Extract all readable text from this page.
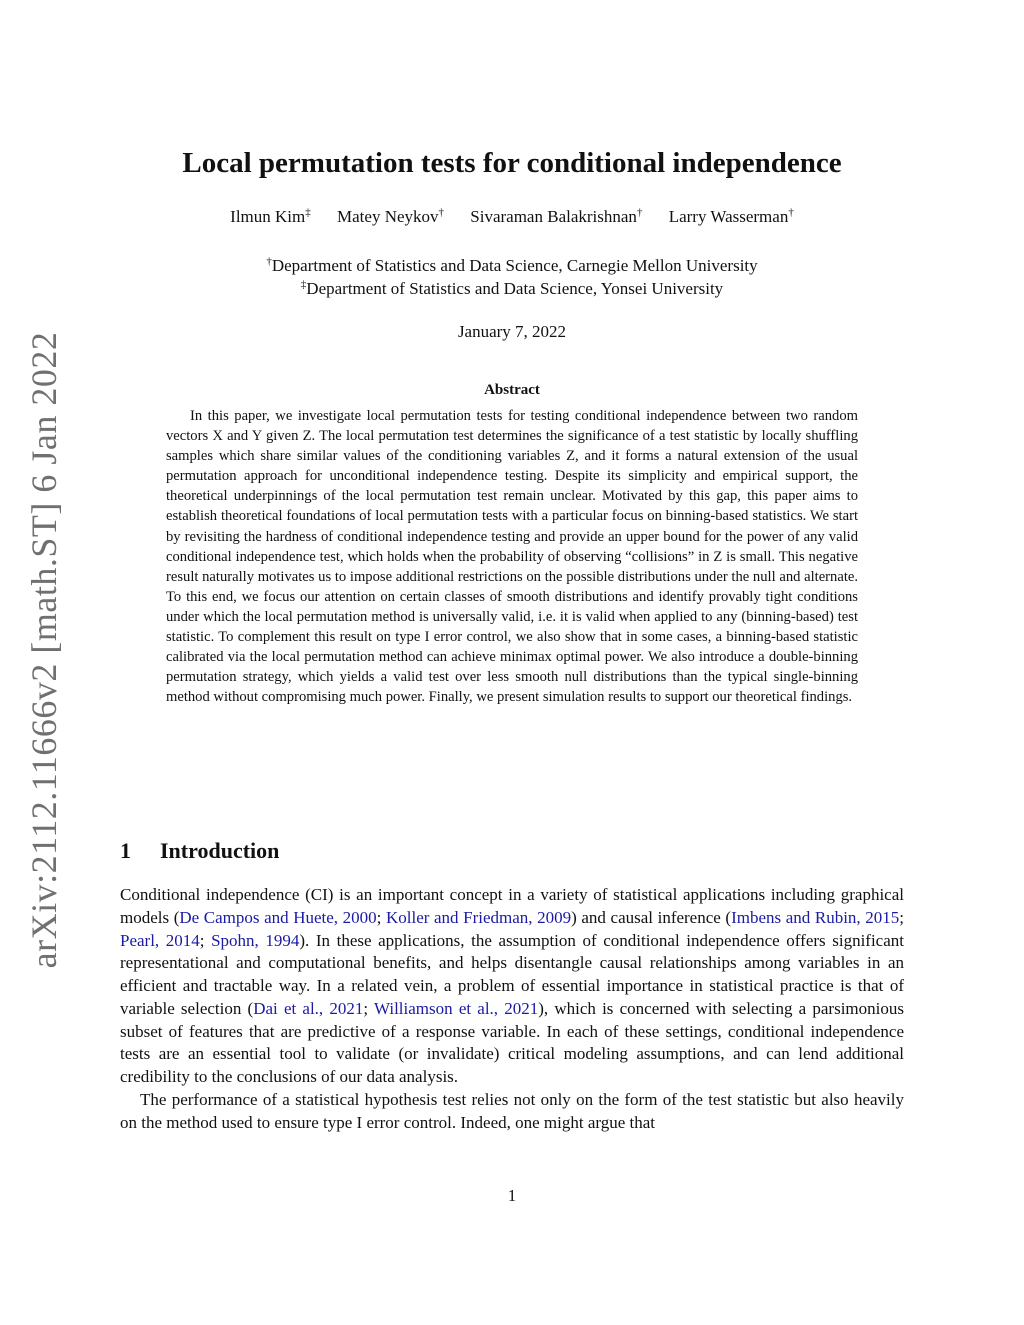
arXiv:2112.11666v2 [math.ST] 6 Jan 2022
Local permutation tests for conditional independence
Ilmun Kim‡ Matey Neykov† Sivaraman Balakrishnan† Larry Wasserman†
†Department of Statistics and Data Science, Carnegie Mellon University
‡Department of Statistics and Data Science, Yonsei University
January 7, 2022
Abstract
In this paper, we investigate local permutation tests for testing conditional independence between two random vectors X and Y given Z. The local permutation test determines the significance of a test statistic by locally shuffling samples which share similar values of the conditioning variables Z, and it forms a natural extension of the usual permutation approach for unconditional independence testing. Despite its simplicity and empirical support, the theoretical underpinnings of the local permutation test remain unclear. Motivated by this gap, this paper aims to establish theoretical foundations of local permutation tests with a particular focus on binning-based statistics. We start by revisiting the hardness of conditional independence testing and provide an upper bound for the power of any valid conditional independence test, which holds when the probability of observing “collisions” in Z is small. This negative result naturally motivates us to impose additional restrictions on the possible distributions under the null and alternate. To this end, we focus our attention on certain classes of smooth distributions and identify provably tight conditions under which the local permutation method is universally valid, i.e. it is valid when applied to any (binning-based) test statistic. To complement this result on type I error control, we also show that in some cases, a binning-based statistic calibrated via the local permutation method can achieve minimax optimal power. We also introduce a double-binning permutation strategy, which yields a valid test over less smooth null distributions than the typical single-binning method without compromising much power. Finally, we present simulation results to support our theoretical findings.
1 Introduction

Conditional independence (CI) is an important concept in a variety of statistical applications including graphical models (De Campos and Huete, 2000; Koller and Friedman, 2009) and causal inference (Imbens and Rubin, 2015; Pearl, 2014; Spohn, 1994). In these applications, the assumption of conditional independence offers significant representational and computational benefits, and helps disentangle causal relationships among variables in an efficient and tractable way. In a related vein, a problem of essential importance in statistical practice is that of variable selection (Dai et al., 2021; Williamson et al., 2021), which is concerned with selecting a parsimonious subset of features that are predictive of a response variable. In each of these settings, conditional independence tests are an essential tool to validate (or invalidate) critical modeling assumptions, and can lend additional credibility to the conclusions of our data analysis.

The performance of a statistical hypothesis test relies not only on the form of the test statistic but also heavily on the method used to ensure type I error control. Indeed, one might argue that

1
